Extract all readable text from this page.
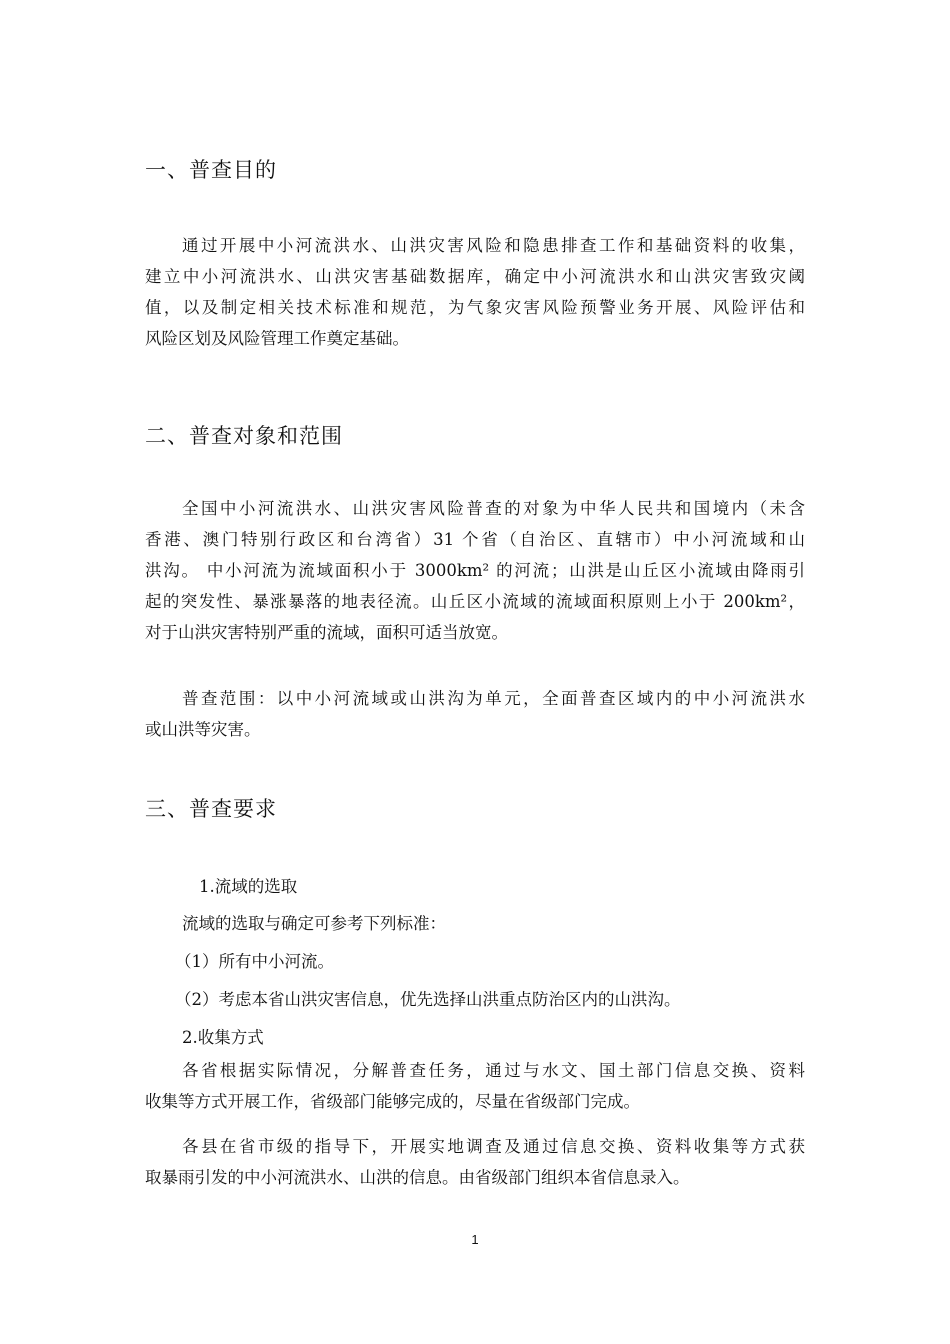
一、普查目的
通过开展中小河流洪水、山洪灾害风险和隐患排查工作和基础资料的收集，
建立中小河流洪水、山洪灾害基础数据库，确定中小河流洪水和山洪灾害致灾阈
值，以及制定相关技术标准和规范，为气象灾害风险预警业务开展、风险评估和
风险区划及风险管理工作奠定基础。
二、普查对象和范围
全国中小河流洪水、山洪灾害风险普查的对象为中华人民共和国境内（未含
香港、澳门特别行政区和台湾省）31 个省（自治区、直辖市）中小河流域和山
洪沟。 中小河流为流域面积小于 3000km² 的河流；山洪是山丘区小流域由降雨引
起的突发性、暴涨暴落的地表径流。山丘区小流域的流域面积原则上小于 200km²，
对于山洪灾害特别严重的流域，面积可适当放宽。
普查范围：以中小河流域或山洪沟为单元，全面普查区域内的中小河流洪水
或山洪等灾害。
三、普查要求

1.流域的选取

流域的选取与确定可参考下列标准：

（1）所有中小河流。

（2）考虑本省山洪灾害信息，优先选择山洪重点防治区内的山洪沟。

2.收集方式

各省根据实际情况，分解普查任务，通过与水文、国土部门信息交换、资料
收集等方式开展工作，省级部门能够完成的，尽量在省级部门完成。
各县在省市级的指导下，开展实地调查及通过信息交换、资料收集等方式获
取暴雨引发的中小河流洪水、山洪的信息。由省级部门组织本省信息录入。
1
